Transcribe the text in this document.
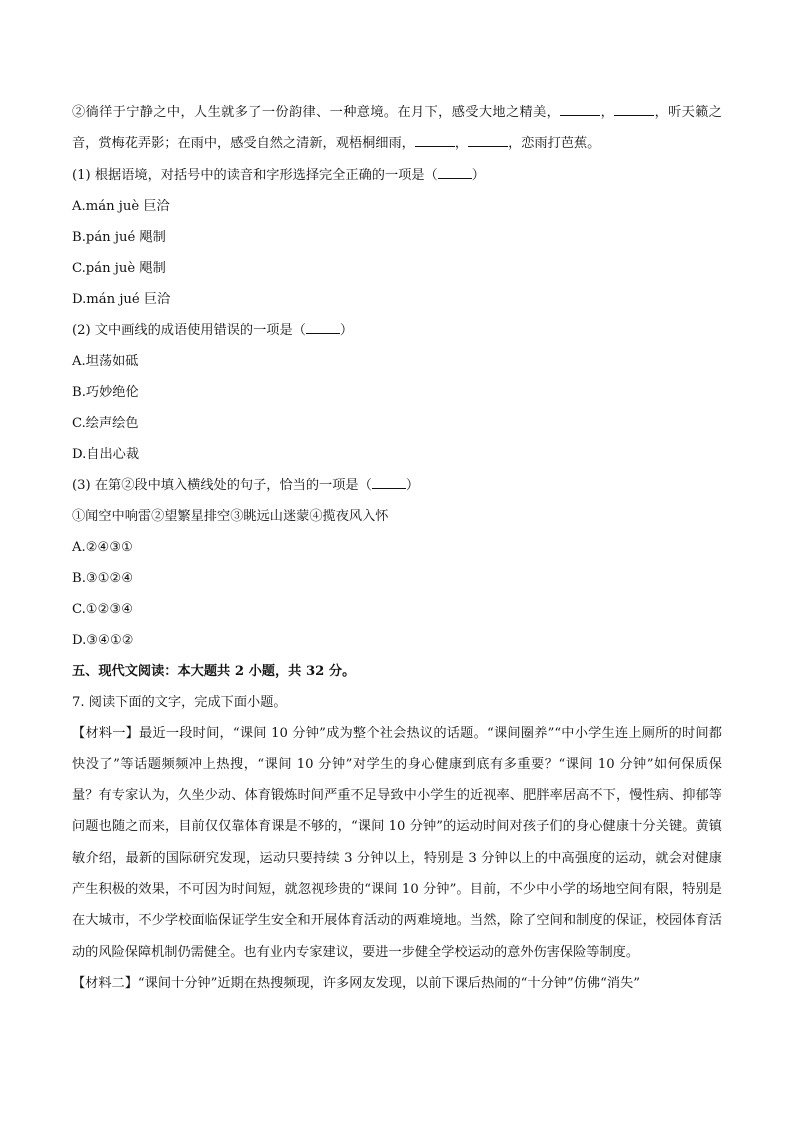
②徜徉于宁静之中，人生就多了一份韵律、一种意境。在月下，感受大地之精美，	，	，听天籁之音，赏梅花弄影；在雨中，感受自然之清新，观梧桐细雨，	，	，恋雨打芭蕉。

(1) 根据语境，对括号中的读音和字形选择完全正确的一项是（	）
A.mán juè 巨洽
B.pán jué 飓制
C.pán juè 飓制
D.mán jué 巨洽
(2) 文中画线的成语使用错误的一项是（	）
A.坦荡如砥
B.巧妙绝伦
C.绘声绘色
D.自出心裁
(3) 在第②段中填入横线处的句子，恰当的一项是（	）
①闻空中响雷②望繁星排空③眺远山迷蒙④揽夜风入怀
A.②④③①
B.③①②④
C.①②③④
D.③④①②
五、现代文阅读：本大题共 2 小题，共 32 分。
7. 阅读下面的文字，完成下面小题。

【材料一】最近一段时间，“课间 10 分钟”成为整个社会热议的话题。“课间圈养”“中小学生连上厕所的时间都快没了”等话题频频冲上热搜，“课间 10 分钟”对学生的身心健康到底有多重要？“课间 10 分钟”如何保质保量？有专家认为，久坐少动、体育锻炼时间严重不足导致中小学生的近视率、肥胖率居高不下，慢性病、抑郁等问题也随之而来，目前仅仅靠体育课是不够的，“课间 10 分钟”的运动时间对孩子们的身心健康十分关键。黄镇敏介绍，最新的国际研究发现，运动只要持续 3 分钟以上，特别是 3 分钟以上的中高强度的运动，就会对健康产生积极的效果，不可因为时间短，就忽视珍贵的“课间 10 分钟”。目前，不少中小学的场地空间有限，特别是在大城市，不少学校面临保证学生安全和开展体育活动的两难境地。当然，除了空间和制度的保证，校园体育活动的风险保障机制仍需健全。也有业内专家建议，要进一步健全学校运动的意外伤害保险等制度。

【材料二】“课间十分钟”近期在热搜频现，许多网友发现，以前下课后热闹的“十分钟”仿佛“消失”
